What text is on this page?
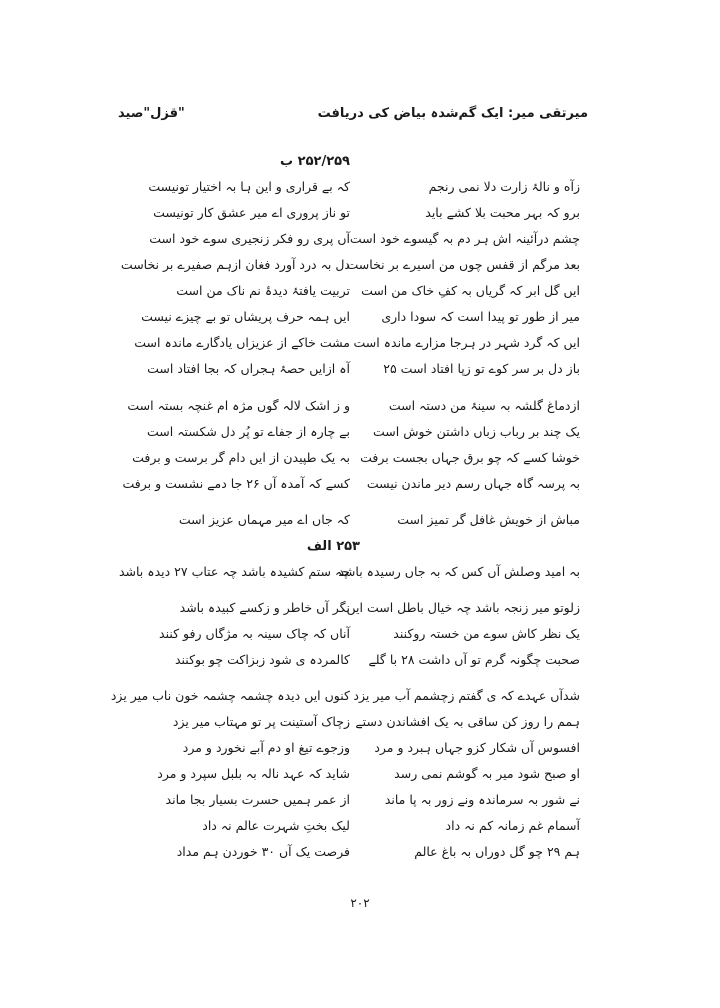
قزل‌"صید"	میرتقی میر: ایک گم‌شدہ بیاض کی دریافت
۲۵۲/۲۵۹ ب
زآه و نالۂ زارت دلا نمی رنجم
کہ بے قراری و این ہا بہ اختیار تونیست
برو کہ بہر محبت بلا کشے باید
تو ناز پروری اے میر عشق کار تونیست
چشم درآئینہ اش ہر دم بہ گیسوے خود است
آں پری رو فکر زنجیری سوے خود است
بعد مرگم از قفس چوں من اسیرے بر نخاست
دل بہ درد آورد فغان ازہم صفیرے بر نخاست
ایں گل ابر کہ گریاں بہ کفِ خاک من است
تربیت یافتۂ دیدۂ نم ناک من است
میر از طور تو پیدا است کہ سودا داری
ایں ہمہ حرف پریشاں تو بے چیزے نیست
ایں کہ گرد شہر در ہرجا مزارے ماندہ است
مشت خاکے از عزیزاں یادگارے ماندہ است
باز دل بر سر کوے تو زپا افتاد است ۲۵
آہ ازایں حصۂ ہجراں کہ بجا افتاد است
ازدماغ گلشہ بہ سینۂ من دستہ است
و ز اشک لالہ گوں مژہ ام غنچہ بستہ است
یک چند بر رباب زباں داشتن خوش است
بے چارہ از جفاے تو پُر دل شکستہ است
خوشا کسے کہ چو برق جہاں بجست برفت
بہ یک طپیدن از ایں دام گر برست و برفت
بہ پرسہ گاہ جہاں رسم دیر ماندن نیست
کسے کہ آمدہ آں ۲۶ جا دمے نشست و برفت
مباش از خویش غافل گر تمیز است
کہ جاں اے میر مہماں عزیز است
۲۵۳ الف
بہ امید وصلش آں کس کہ بہ جاں رسیدہ باشد
چہ ستم کشیدہ باشد چہ عتاب ۲۷ دیدہ باشد
زلوتو میر زنجہ باشد چہ خیال باطل است ایں
نگر آں خاطر و زکسے کبیدہ باشد
یک نظر کاش سوے من خستہ روکنند
آناں کہ چاک سینہ بہ مژگاں رفو کنند
صحبت چگونہ گرم تو آں داشت ۲۸ با گلے
کالمردہ ی شود زبزاکت چو بوکنند
شدآں عہدے کہ ی گفتم زچشمم آب میر یزد
کنوں ایں دیدہ چشمہ چشمہ خون ناب میر یزد
ہمم را روز کن ساقی بہ یک افشاندن دستے
زچاک آستینت پر تو مہتاب میر یزد
افسوس آں شکار کزو جہاں ہبرد و مرد
وزجوے تیغ او دم آبے نخورد و مرد
او صبح شود میر بہ گوشم نمی رسد
شاید کہ عہد نالہ بہ بلبل سپرد و مرد
نے شور بہ سرماندہ ونے زور بہ پا ماند
از عمر ہمیں حسرت بسیار بجا ماند
آسمام غم زمانہ کم نہ داد
لیک بختِ شہرت عالم نہ داد
ہم ۲۹ چو گل دوراں بہ باغ عالم
فرصت یک آں ۳۰ خوردن ہم مداد
۲۰۲
